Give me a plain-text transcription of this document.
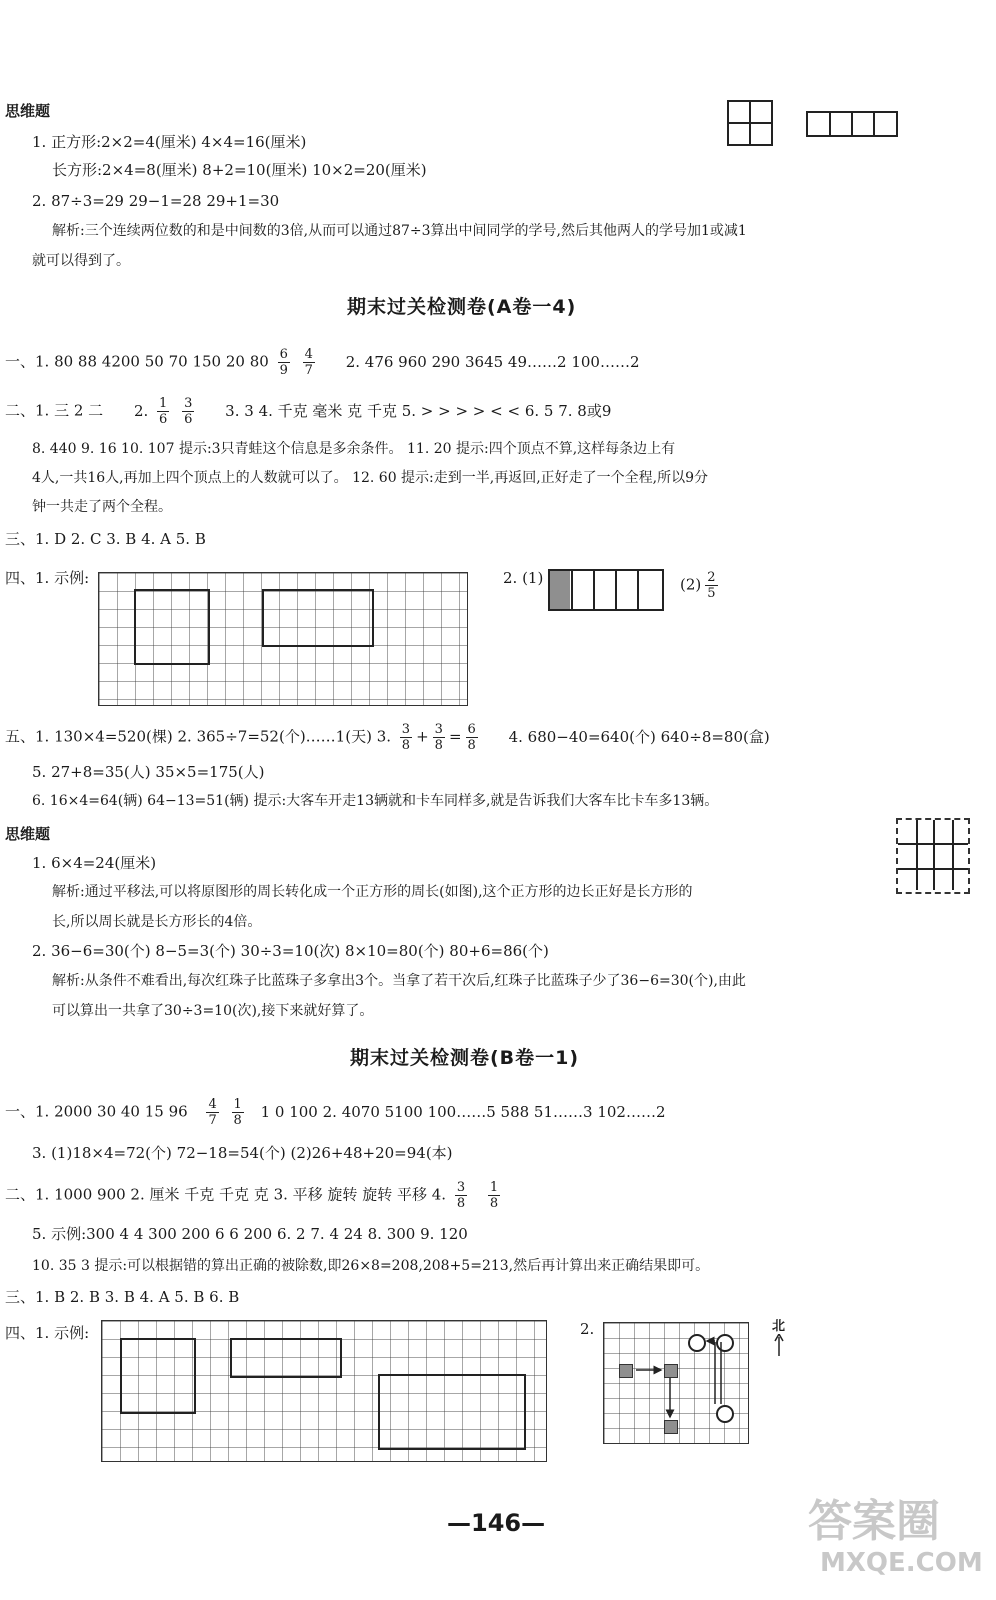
思维题
1. 正方形:2×2=4(厘米) 4×4=16(厘米)
长方形:2×4=8(厘米) 8+2=10(厘米) 10×2=20(厘米)
2. 87÷3=29 29−1=28 29+1=30
解析:三个连续两位数的和是中间数的3倍,从而可以通过87÷3算出中间同学的学号,然后其他两人的学号加1或减1
就可以得到了。
期末过关检测卷(A卷一4)
一、1. 80 88 4200 50 70 150 20 $80 \frac{6}{9}$
$\frac{4}{7} 2$. 476 960 290 3645 49……2 100……2
二、1. 三 2 二 2. $\frac{1}{6}$
$\frac{3}{6} 3$. 3 4. 千克 毫米 克 千克 5. > > > > < < 6. 5 7. 8或9
8. 440 9. 16 10. 107 提示:3只青蛙这个信息是多余条件。 11. 20 提示:四个顶点不算,这样每条边上有
4人,一共16人,再加上四个顶点上的人数就可以了。 12. 60 提示:走到一半,再返回,正好走了一个全程,所以9分
钟一共走了两个全程。
三、1. D 2. C 3. B 4. A 5. B
四、1. 示例:	2. (1)	$(2) \frac{2}{5}$
五、1. 130×4=520(棵) 2. 365÷7=52(个)……1(天) 3. $\frac{3}{8} + \frac{3}{8} = \frac{6}{8} 4$. 680−40=640(个) 640÷8=80(盒)
5. 27+8=35(人) 35×5=175(人)
6. 16×4=64(辆) 64−13=51(辆) 提示:大客车开走13辆就和卡车同样多,就是告诉我们大客车比卡车多13辆。
思维题
1. 6×4=24(厘米)
解析:通过平移法,可以将原图形的周长转化成一个正方形的周长(如图),这个正方形的边长正好是长方形的
长,所以周长就是长方形长的4倍。
2. 36−6=30(个) 8−5=3(个) 30÷3=10(次) 8×10=80(个) 80+6=86(个)
解析:从条件不难看出,每次红珠子比蓝珠子多拿出3个。当拿了若干次后,红珠子比蓝珠子少了36−6=30(个),由此
可以算出一共拿了30÷3=10(次),接下来就好算了。
期末过关检测卷(B卷一1)
一、1. 2000 30 40 15 $96 \frac{4}{7}$
$\frac{1}{8} 1$ 0 100 2. 4070 5100 100……5 588 51……3 102……2
3. (1)18×4=72(个) 72−18=54(个) (2)26+48+20=94(本)
二、1. 1000 900 2. 厘米 千克 千克 克 3. 平移 旋转 旋转 平移 4. $\frac{3}{8}$
$\frac{1}{8}$
5. 示例:300 4 4 300 200 6 6 200 6. 2 7. 4 24 8. 300 9. 120
10. 35 3 提示:可以根据错的算出正确的被除数,即26×8=208,208+5=213,然后再计算出来正确结果即可。
三、1. B 2. B 3. B 4. A 5. B 6. B
四、1. 示例:	2.	北
—146—	答案圈
MXQE.COM
